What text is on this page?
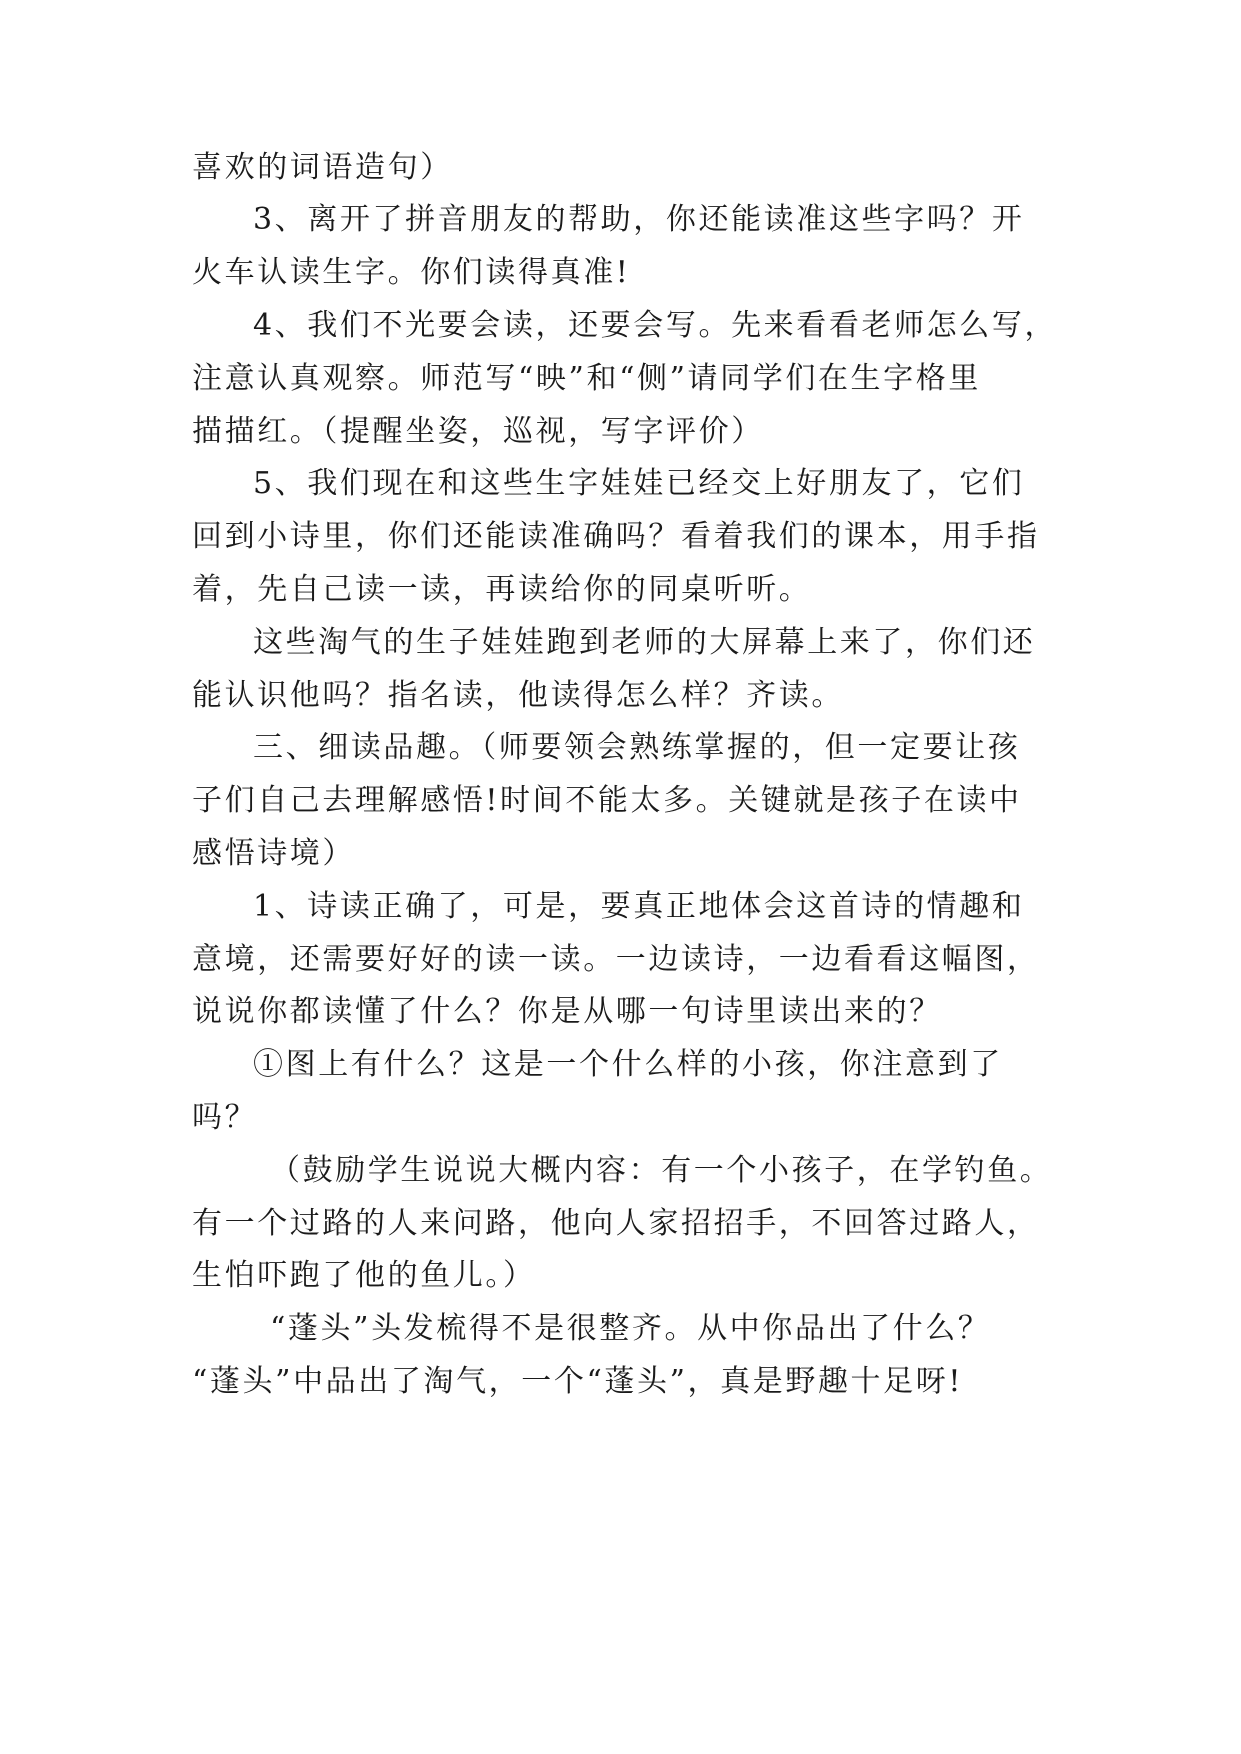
喜欢的词语造句）
3、离开了拼音朋友的帮助，你还能读准这些字吗？开
火车认读生字。你们读得真准!
4、我们不光要会读，还要会写。先来看看老师怎么写，
注意认真观察。师范写“映”和“侧”请同学们在生字格里
描描红。（提醒坐姿，巡视，写字评价）
5、我们现在和这些生字娃娃已经交上好朋友了，它们
回到小诗里，你们还能读准确吗？看着我们的课本，用手指
着，先自己读一读，再读给你的同桌听听。
这些淘气的生子娃娃跑到老师的大屏幕上来了，你们还
能认识他吗？指名读，他读得怎么样？齐读。
三、细读品趣。（师要领会熟练掌握的，但一定要让孩
子们自己去理解感悟!时间不能太多。关键就是孩子在读中
感悟诗境）
1、诗读正确了，可是，要真正地体会这首诗的情趣和
意境，还需要好好的读一读。一边读诗，一边看看这幅图，
说说你都读懂了什么？你是从哪一句诗里读出来的？
①图上有什么？这是一个什么样的小孩，你注意到了
吗？
（鼓励学生说说大概内容：有一个小孩子，在学钓鱼。
有一个过路的人来问路，他向人家招招手，不回答过路人，
生怕吓跑了他的鱼儿。）
“蓬头”头发梳得不是很整齐。从中你品出了什么？
“蓬头”中品出了淘气，一个“蓬头”，真是野趣十足呀!
